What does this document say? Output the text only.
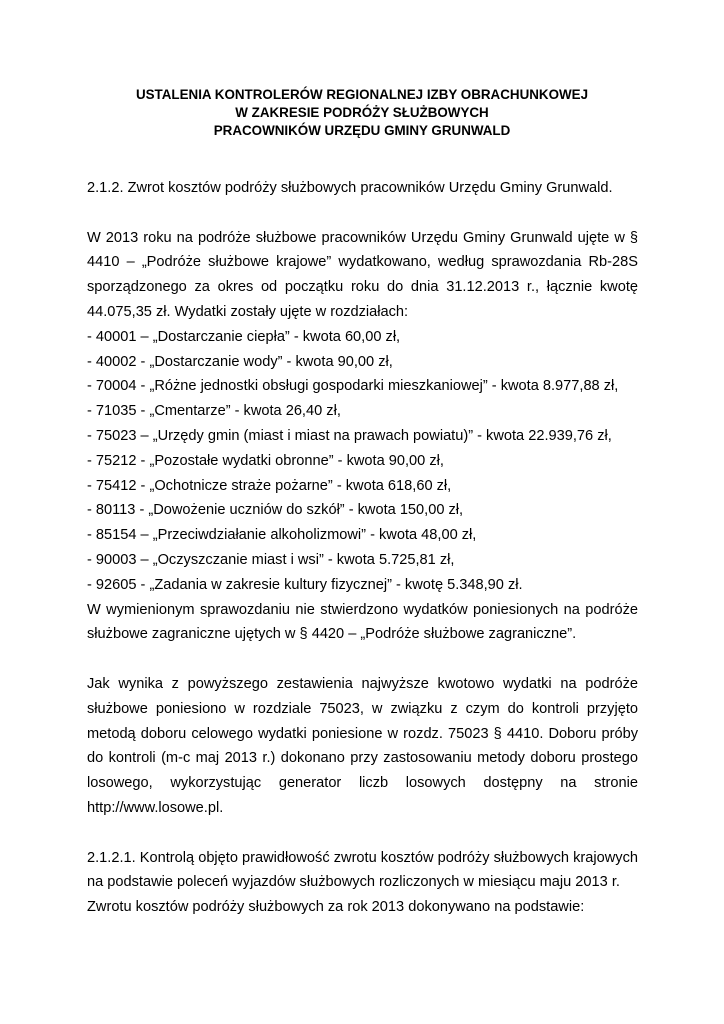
USTALENIA KONTROLERÓW REGIONALNEJ IZBY OBRACHUNKOWEJ
W ZAKRESIE PODRÓŻY SŁUŻBOWYCH
PRACOWNIKÓW URZĘDU GMINY GRUNWALD
2.1.2. Zwrot kosztów podróży służbowych pracowników Urzędu Gminy Grunwald.
W 2013 roku na podróże służbowe pracowników Urzędu Gminy Grunwald ujęte w §
4410 – „Podróże służbowe krajowe” wydatkowano, według sprawozdania Rb-28S
sporządzonego za okres od początku roku do dnia 31.12.2013 r., łącznie kwotę
44.075,35 zł. Wydatki zostały ujęte w rozdziałach:
- 40001 – „Dostarczanie ciepła” - kwota 60,00 zł,
- 40002 - „Dostarczanie wody” - kwota 90,00 zł,
- 70004 - „Różne jednostki obsługi gospodarki mieszkaniowej” - kwota 8.977,88 zł,
- 71035 - „Cmentarze” - kwota 26,40 zł,
- 75023 – „Urzędy gmin (miast i miast na prawach powiatu)” - kwota 22.939,76 zł,
- 75212 - „Pozostałe wydatki obronne” - kwota 90,00 zł,
- 75412 - „Ochotnicze straże pożarne” - kwota 618,60 zł,
- 80113 - „Dowożenie uczniów do szkół” - kwota 150,00 zł,
- 85154 – „Przeciwdziałanie alkoholizmowi” - kwota 48,00 zł,
- 90003 – „Oczyszczanie miast i wsi” - kwota 5.725,81 zł,
- 92605 - „Zadania w zakresie kultury fizycznej” - kwotę 5.348,90 zł.
W wymienionym sprawozdaniu nie stwierdzono wydatków poniesionych na podróże
służbowe zagraniczne ujętych w § 4420 – „Podróże służbowe zagraniczne”.
Jak wynika z powyższego zestawienia najwyższe kwotowo wydatki na podróże
służbowe poniesiono w rozdziale 75023, w związku z czym do kontroli przyjęto
metodą doboru celowego wydatki poniesione w rozdz. 75023 § 4410. Doboru próby
do kontroli (m-c maj 2013 r.) dokonano przy zastosowaniu metody doboru prostego
losowego, wykorzystując generator liczb losowych dostępny na stronie
http://www.losowe.pl.
2.1.2.1. Kontrolą objęto prawidłowość zwrotu kosztów podróży służbowych krajowych
na podstawie poleceń wyjazdów służbowych rozliczonych w miesiącu maju 2013 r.
Zwrotu kosztów podróży służbowych za rok 2013 dokonywano na podstawie:
